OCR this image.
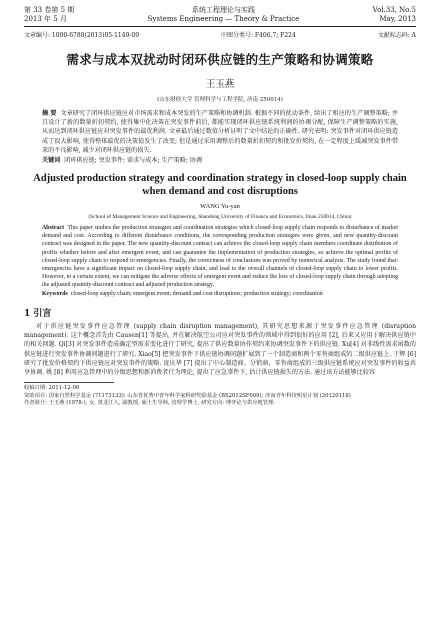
第 33 卷第 5 期
2013 年 5 月
系统工程理论与实践
Systems Engineering — Theory & Practice
Vol.33, No.5
May, 2013
文章编号: 1000-6788(2013)05-1149-09	中图分类号: F406.7; F224	文献标志码: A
需求与成本双扰动时闭环供应链的生产策略和协调策略
王玉燕
(山东财经大学 管理科学与工程学院, 济南 250014)
摘 要 文章研究了闭环供应链应对市场需求和成本突发的生产策略和协调机制. 根据不同的扰动条件, 给出了相应的生产调整策略; 并且设计了新的数量折扣契约, 使得集中化决策在突发事件前后, 都能实现闭环供应链系统利润的协调分配, 保障生产调整策略的实施, 从而达到闭环供应链应对突发事件的最优利润. 文章最后通过数值分析证明了文中结论的正确性. 研究表明: 突发事件对闭环供应链造成了很大影响, 使得整体最优的决策值发生了改变; 但是通过采用调整后的数量折扣契约和批发价契约, 在一定程度上缓减突发事件带来的不良影响, 减少对闭环供应链的损失.
关键词 闭环供应链; 突发事件; 需求与成本; 生产策略; 协调
Adjusted production strategy and coordination strategy in closed-loop supply chain when demand and cost disruptions
WANG Yu-yan
(School of Management Science and Engineering, Shandong University of Finance and Economics, Jinan 250014, China)
Abstract This paper studies the production strategies and coordination strategies which closed-loop supply chain responds to disturbance of market demand and cost. According to different disturbance conditions, the corresponding production strategies were given, and new quantity-discount contract was designed in the paper. The new quantity-discount contract can achieve the closed-loop supply chain members coordinate distribution of profits whether before and after emergent event, and can guarantee the implementation of production strategies, so achieve the optimal profits of closed-loop supply chain to respond to emergencies. Finally, the correctness of conclusions was proved by numerical analysis. The study found that: emergencies have a significant impact on closed-loop supply chain, and lead to the overall channels of closed-loop supply chain to lower profits. However, to a certain extent, we can mitigate the adverse effects of emergent event and reduce the loss of closed-loop supply chain through adopting the adjusted quantity-discount contract and adjusted production strategy.
Keywords closed-loop supply chain; emergent event; demand and cost disruptions; production strategy; coordination
1 引言
对于供应链突发事件应急管理 (supply chain disruption management), 其研究思想来源于突发事件应急管理 (disruption management). 这个概念首先由 Causen[1] 等提出, 并在解决航空公司应对突发事件的领域中得到很好的应用 [2], 后来又应用于解决供应链中的相关问题. Qi[3] 对突发事件造成确定型需求变化进行了研究, 提出了供应数量协作契约来协调突发事件下的供应链. Xu[4] 对非线性需求函数的供应链进行突发事件协调问题进行了研究. Xiao[5] 把突发事件下供应链协调问题扩展到了一个制造商和两个零售商组成的二级供应链上. 于辉 [6] 研究了批发价格契约下供应链应对突发事件的策略. 庞庆华 [7] 提出了中心制造商、分销商、零售商组成的三级供应链系统应对突发事件的收益共享协调. 姚 [8] 利用应急管理中的分级思想和新消费者行为理论, 提出了应急事件下, 估计供应链损失的方法. 通过该方法能够比较容
收稿日期: 2011-12-06
资助项目: 国家自然科学基金 (71173133); 山东省优秀中青年科学家科研奖励基金 (BS2012SF009); 济南青年科技明星计划 (20120118)
作者简介: 王玉燕 (1978-), 女, 黑龙江人, 副教授, 硕士生导师, 管理学博士, 研究方向: 博弈论与供应链管理.
